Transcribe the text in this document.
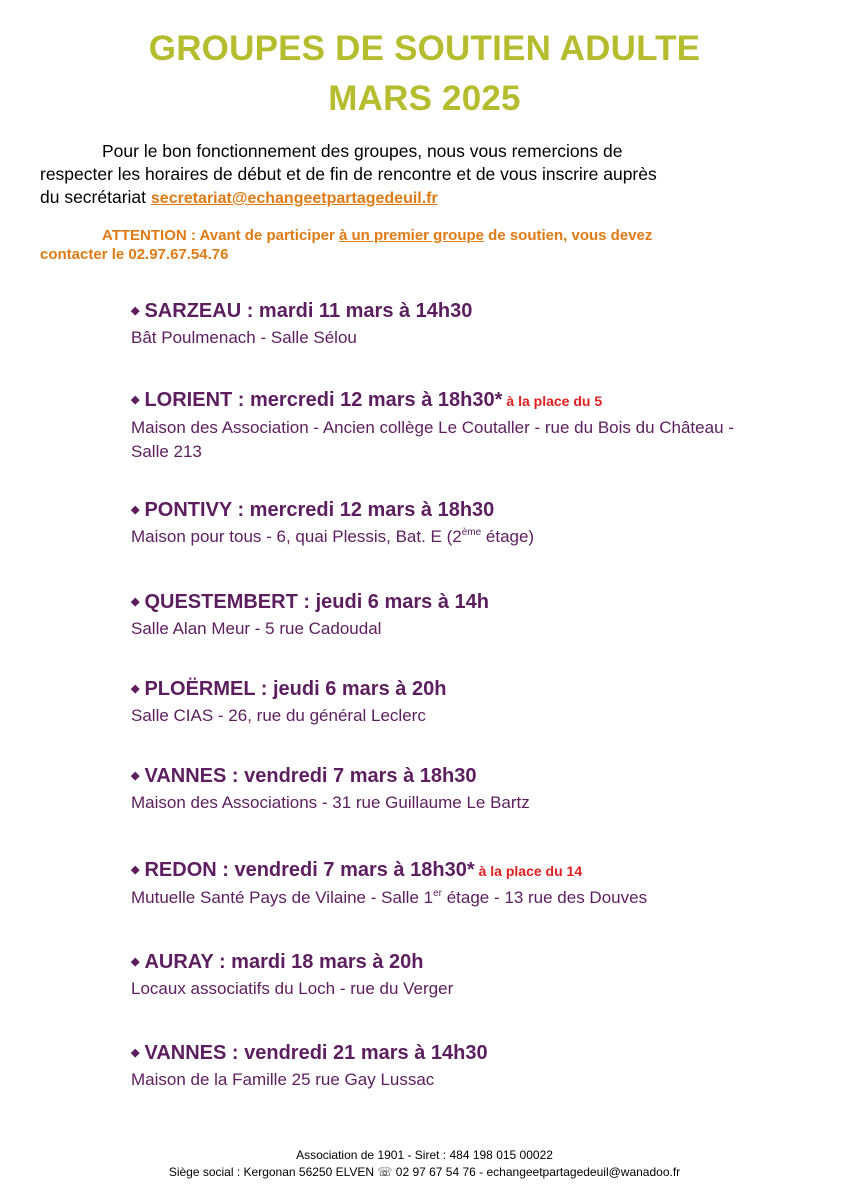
GROUPES DE SOUTIEN ADULTE
MARS 2025
Pour le bon fonctionnement des groupes, nous vous remercions de
respecter les horaires de début et de fin de rencontre et de vous inscrire auprès
du secrétariat secretariat@echangeetpartagedeuil.fr
ATTENTION : Avant de participer à un premier groupe de soutien, vous devez
contacter le 02.97.67.54.76
◆ SARZEAU : mardi 11 mars à 14h30
Bât Poulmenach - Salle Sélou
◆ LORIENT : mercredi 12 mars à 18h30* à la place du 5
Maison des Association - Ancien collège Le Coutaller - rue du Bois du Château - Salle 213
◆ PONTIVY : mercredi 12 mars à 18h30
Maison pour tous - 6, quai Plessis, Bat. E (2ème étage)
◆ QUESTEMBERT : jeudi 6 mars à 14h
Salle Alan Meur - 5 rue Cadoudal
◆ PLOËRMEL : jeudi 6 mars à 20h
Salle CIAS - 26, rue du général Leclerc
◆ VANNES : vendredi 7 mars à 18h30
Maison des Associations - 31 rue Guillaume Le Bartz
◆ REDON : vendredi 7 mars à 18h30* à la place du 14
Mutuelle Santé Pays de Vilaine - Salle 1er étage - 13 rue des Douves
◆ AURAY : mardi 18 mars à 20h
Locaux associatifs du Loch - rue du Verger
◆ VANNES : vendredi 21 mars à 14h30
Maison de la Famille 25 rue Gay Lussac
Association de 1901 - Siret : 484 198 015 00022
Siège social : Kergonan 56250 ELVEN ☏ 02 97 67 54 76 - echangeetpartagedeuil@wanadoo.fr
